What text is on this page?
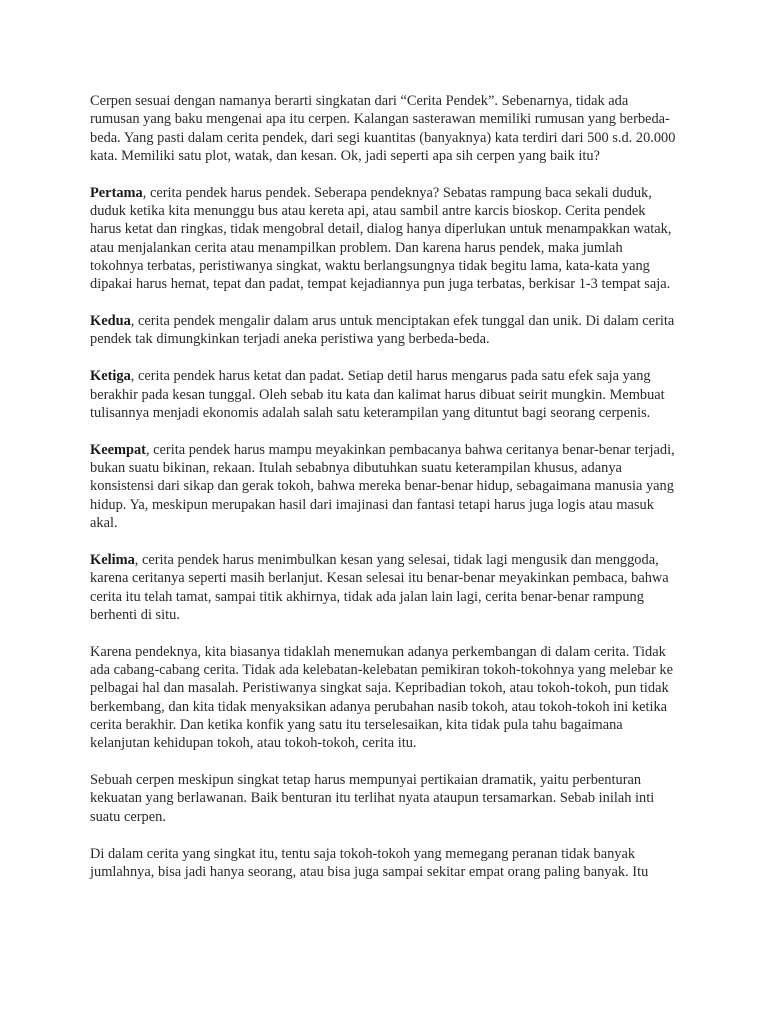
Cerpen sesuai dengan namanya berarti singkatan dari “Cerita Pendek”. Sebenarnya, tidak ada rumusan yang baku mengenai apa itu cerpen. Kalangan sasterawan memiliki rumusan yang berbeda-beda. Yang pasti dalam cerita pendek, dari segi kuantitas (banyaknya) kata terdiri dari 500 s.d. 20.000 kata. Memiliki satu plot, watak, dan kesan. Ok, jadi seperti apa sih cerpen yang baik itu?

Pertama, cerita pendek harus pendek. Seberapa pendeknya? Sebatas rampung baca sekali duduk, duduk ketika kita menunggu bus atau kereta api, atau sambil antre karcis bioskop. Cerita pendek harus ketat dan ringkas, tidak mengobral detail, dialog hanya diperlukan untuk menampakkan watak, atau menjalankan cerita atau menampilkan problem. Dan karena harus pendek, maka jumlah tokohnya terbatas, peristiwanya singkat, waktu berlangsungnya tidak begitu lama, kata-kata yang dipakai harus hemat, tepat dan padat, tempat kejadiannya pun juga terbatas, berkisar 1-3 tempat saja.

Kedua, cerita pendek mengalir dalam arus untuk menciptakan efek tunggal dan unik. Di dalam cerita pendek tak dimungkinkan terjadi aneka peristiwa yang berbeda-beda.

Ketiga, cerita pendek harus ketat dan padat. Setiap detil harus mengarus pada satu efek saja yang berakhir pada kesan tunggal. Oleh sebab itu kata dan kalimat harus dibuat seirit mungkin. Membuat tulisannya menjadi ekonomis adalah salah satu keterampilan yang dituntut bagi seorang cerpenis.

Keempat, cerita pendek harus mampu meyakinkan pembacanya bahwa ceritanya benar-benar terjadi, bukan suatu bikinan, rekaan. Itulah sebabnya dibutuhkan suatu keterampilan khusus, adanya konsistensi dari sikap dan gerak tokoh, bahwa mereka benar-benar hidup, sebagaimana manusia yang hidup. Ya, meskipun merupakan hasil dari imajinasi dan fantasi tetapi harus juga logis atau masuk akal.

Kelima, cerita pendek harus menimbulkan kesan yang selesai, tidak lagi mengusik dan menggoda, karena ceritanya seperti masih berlanjut. Kesan selesai itu benar-benar meyakinkan pembaca, bahwa cerita itu telah tamat, sampai titik akhirnya, tidak ada jalan lain lagi, cerita benar-benar rampung berhenti di situ.

Karena pendeknya, kita biasanya tidaklah menemukan adanya perkembangan di dalam cerita. Tidak ada cabang-cabang cerita. Tidak ada kelebatan-kelebatan pemikiran tokoh-tokohnya yang melebar ke pelbagai hal dan masalah. Peristiwanya singkat saja. Kepribadian tokoh, atau tokoh-tokoh, pun tidak berkembang, dan kita tidak menyaksikan adanya perubahan nasib tokoh, atau tokoh-tokoh ini ketika cerita berakhir. Dan ketika konfik yang satu itu terselesaikan, kita tidak pula tahu bagaimana kelanjutan kehidupan tokoh, atau tokoh-tokoh, cerita itu.

Sebuah cerpen meskipun singkat tetap harus mempunyai pertikaian dramatik, yaitu perbenturan kekuatan yang berlawanan. Baik benturan itu terlihat nyata ataupun tersamarkan. Sebab inilah inti suatu cerpen.

Di dalam cerita yang singkat itu, tentu saja tokoh-tokoh yang memegang peranan tidak banyak jumlahnya, bisa jadi hanya seorang, atau bisa juga sampai sekitar empat orang paling banyak. Itu
